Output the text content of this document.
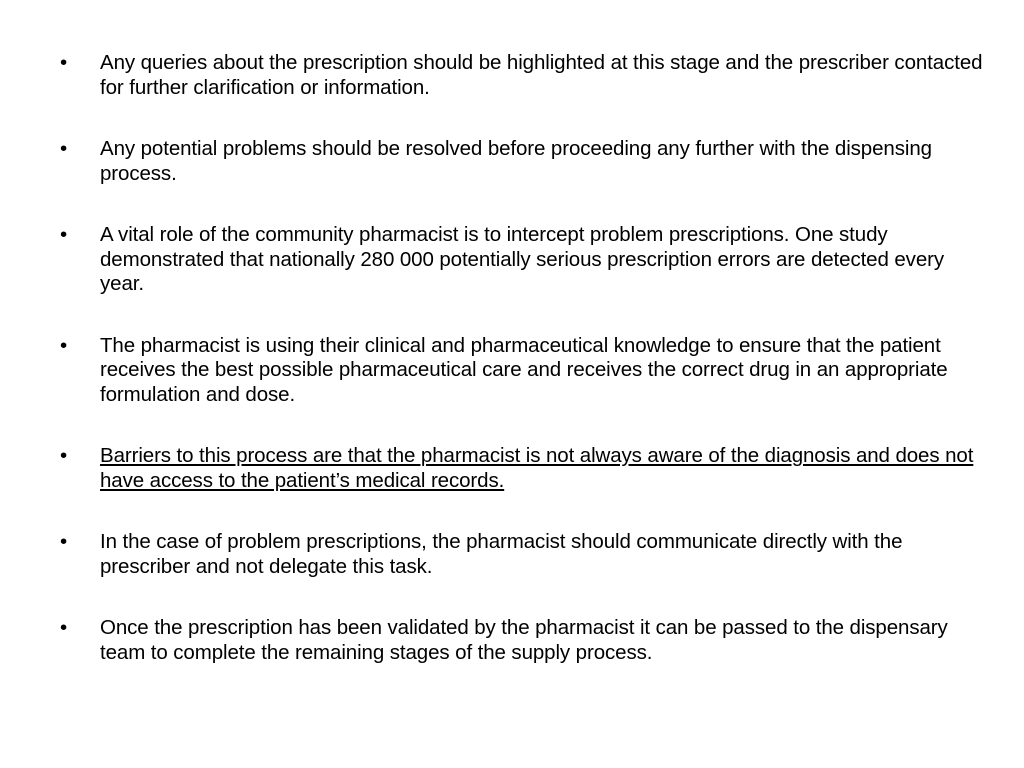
•	Any queries about the prescription should be highlighted at this stage and the prescriber contacted for further clarification or information.
•	Any potential problems should be resolved before proceeding any further with the dispensing process.
•	A vital role of the community pharmacist is to intercept problem prescriptions. One study demonstrated that nationally 280 000 potentially serious prescription errors are detected every year.
•	The pharmacist is using their clinical and pharmaceutical knowledge to ensure that the patient receives the best possible pharmaceutical care and receives the correct drug in an appropriate formulation and dose.
•	Barriers to this process are that the pharmacist is not always aware of the diagnosis and does not have access to the patient’s medical records.
•	In the case of problem prescriptions, the pharmacist should communicate directly with the prescriber and not delegate this task.
•	Once the prescription has been validated by the pharmacist it can be passed to the dispensary team to complete the remaining stages of the supply process.
